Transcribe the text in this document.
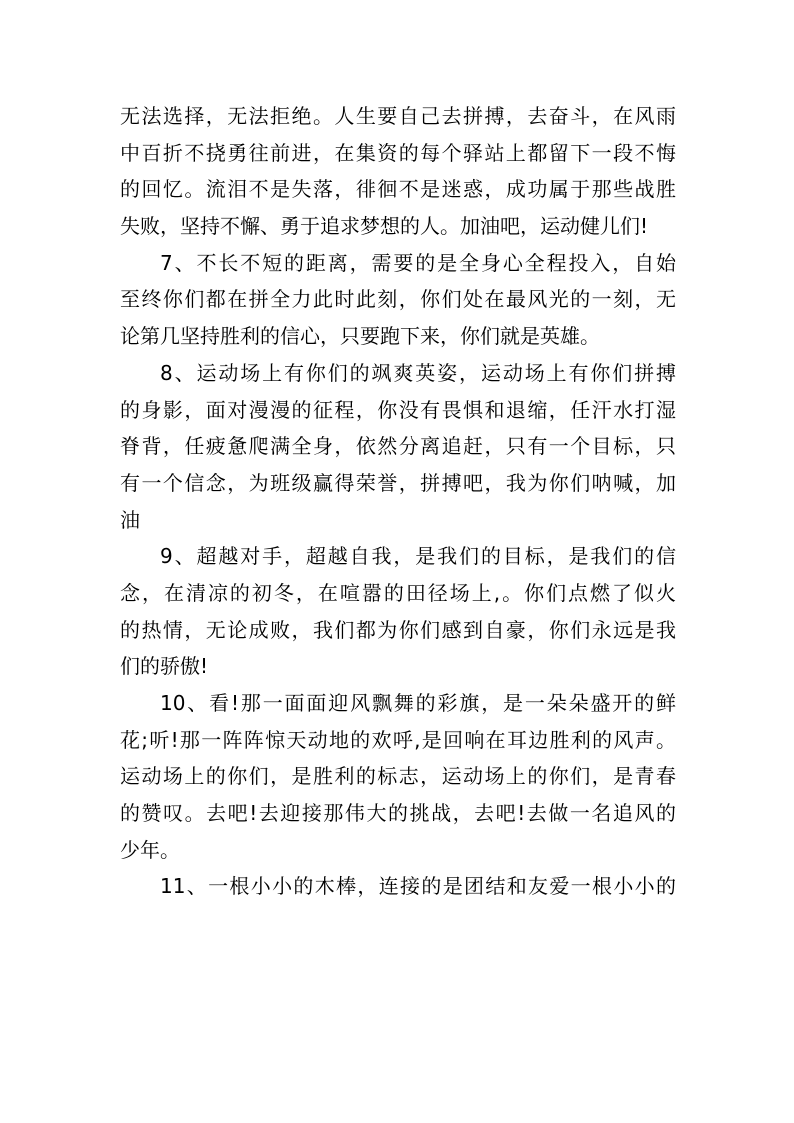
无法选择，无法拒绝。人生要自己去拼搏，去奋斗，在风雨
中百折不挠勇往前进，在集资的每个驿站上都留下一段不悔
的回忆。流泪不是失落，徘徊不是迷惑，成功属于那些战胜
失败，坚持不懈、勇于追求梦想的人。加油吧，运动健儿们!
7、不长不短的距离，需要的是全身心全程投入，自始
至终你们都在拼全力此时此刻，你们处在最风光的一刻，无
论第几坚持胜利的信心，只要跑下来，你们就是英雄。
8、运动场上有你们的飒爽英姿，运动场上有你们拼搏
的身影，面对漫漫的征程，你没有畏惧和退缩，任汗水打湿
脊背，任疲惫爬满全身，依然分离追赶，只有一个目标，只
有一个信念，为班级赢得荣誉，拼搏吧，我为你们呐喊，加
油
9、超越对手，超越自我，是我们的目标，是我们的信
念，在清凉的初冬，在喧嚣的田径场上,。你们点燃了似火
的热情，无论成败，我们都为你们感到自豪，你们永远是我
们的骄傲!
10、看!那一面面迎风飘舞的彩旗，是一朵朵盛开的鲜
花;听!那一阵阵惊天动地的欢呼,是回响在耳边胜利的风声。
运动场上的你们，是胜利的标志，运动场上的你们，是青春
的赞叹。去吧!去迎接那伟大的挑战，去吧!去做一名追风的
少年。
11、一根小小的木棒，连接的是团结和友爱一根小小的
